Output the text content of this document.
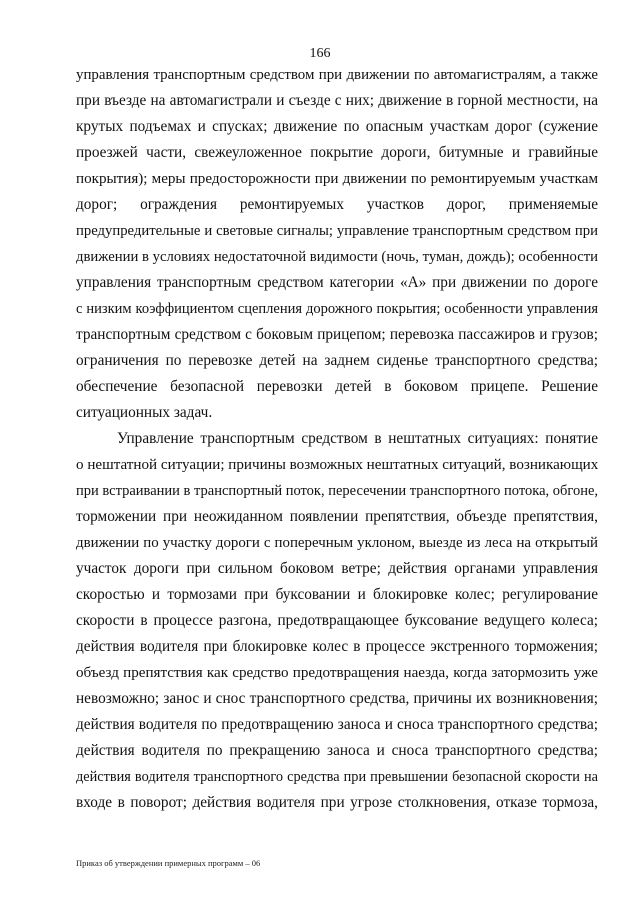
166
управления транспортным средством при движении по автомагистралям, а также
при въезде на автомагистрали и съезде с них; движение в горной местности, на
крутых подъемах и спусках; движение по опасным участкам дорог (сужение
проезжей части, свежеуложенное покрытие дороги, битумные и гравийные
покрытия); меры предосторожности при движении по ремонтируемым участкам
дорог; ограждения ремонтируемых участков дорог, применяемые
предупредительные и световые сигналы; управление транспортным средством при
движении в условиях недостаточной видимости (ночь, туман, дождь); особенности
управления транспортным средством категории «А» при движении по дороге
с низким коэффициентом сцепления дорожного покрытия; особенности управления
транспортным средством с боковым прицепом; перевозка пассажиров и грузов;
ограничения по перевозке детей на заднем сиденье транспортного средства;
обеспечение безопасной перевозки детей в боковом прицепе. Решение
ситуационных задач.
Управление транспортным средством в нештатных ситуациях: понятие
о нештатной ситуации; причины возможных нештатных ситуаций, возникающих
при встраивании в транспортный поток, пересечении транспортного потока, обгоне,
торможении при неожиданном появлении препятствия, объезде препятствия,
движении по участку дороги с поперечным уклоном, выезде из леса на открытый
участок дороги при сильном боковом ветре; действия органами управления
скоростью и тормозами при буксовании и блокировке колес; регулирование
скорости в процессе разгона, предотвращающее буксование ведущего колеса;
действия водителя при блокировке колес в процессе экстренного торможения;
объезд препятствия как средство предотвращения наезда, когда затормозить уже
невозможно; занос и снос транспортного средства, причины их возникновения;
действия водителя по предотвращению заноса и сноса транспортного средства;
действия водителя по прекращению заноса и сноса транспортного средства;
действия водителя транспортного средства при превышении безопасной скорости на
входе в поворот; действия водителя при угрозе столкновения, отказе тормоза,
Приказ об утверждении примерных программ – 06
